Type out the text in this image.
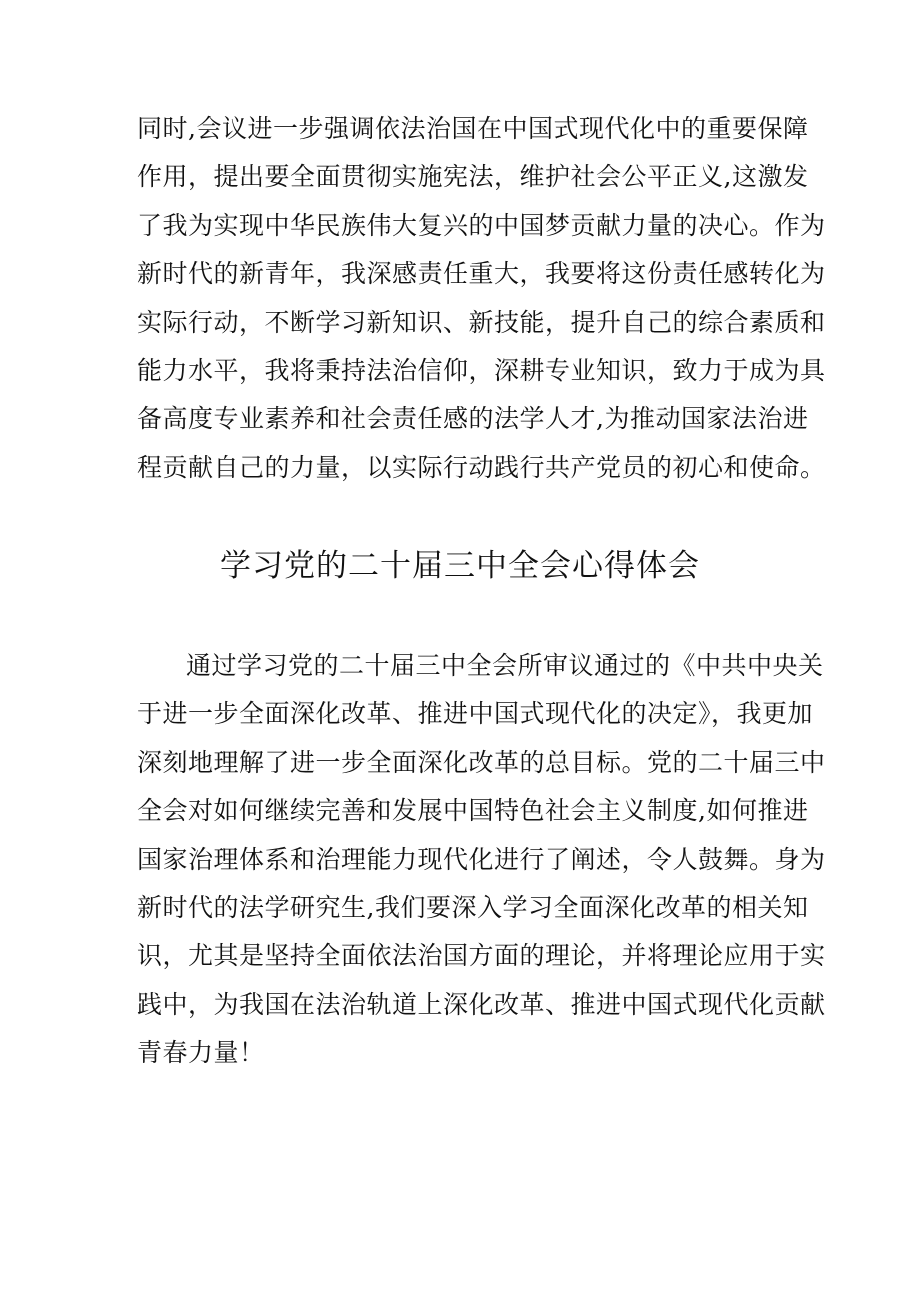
同时,会议进一步强调依法治国在中国式现代化中的重要保障
作用，提出要全面贯彻实施宪法，维护社会公平正义,这激发
了我为实现中华民族伟大复兴的中国梦贡献力量的决心。作为
新时代的新青年，我深感责任重大，我要将这份责任感转化为
实际行动，不断学习新知识、新技能，提升自己的综合素质和
能力水平，我将秉持法治信仰，深耕专业知识，致力于成为具
备高度专业素养和社会责任感的法学人才,为推动国家法治进
程贡献自己的力量，以实际行动践行共产党员的初心和使命。
学习党的二十届三中全会心得体会
通过学习党的二十届三中全会所审议通过的《中共中央关
于进一步全面深化改革、推进中国式现代化的决定》，我更加
深刻地理解了进一步全面深化改革的总目标。党的二十届三中
全会对如何继续完善和发展中国特色社会主义制度,如何推进
国家治理体系和治理能力现代化进行了阐述，令人鼓舞。身为
新时代的法学研究生,我们要深入学习全面深化改革的相关知
识，尤其是坚持全面依法治国方面的理论，并将理论应用于实
践中，为我国在法治轨道上深化改革、推进中国式现代化贡献
青春力量！
